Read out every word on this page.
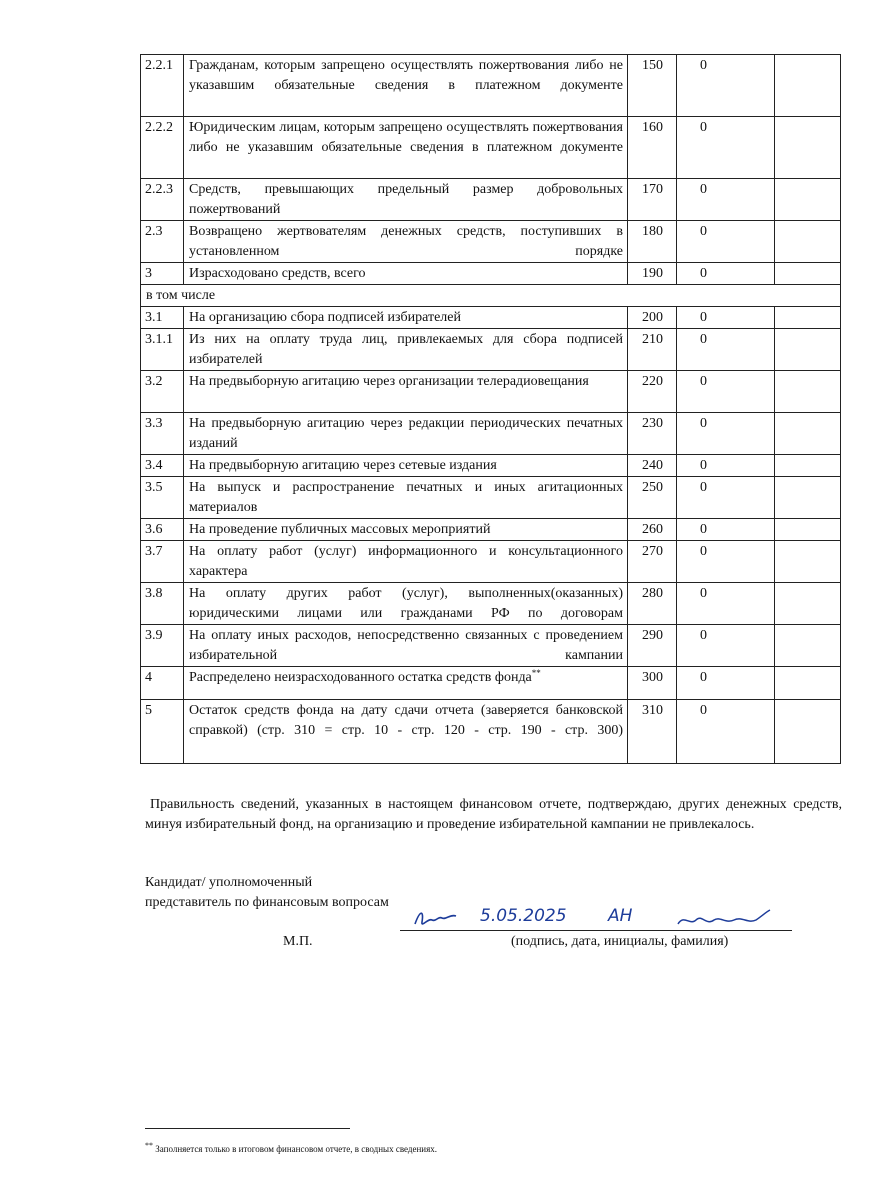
2.2.1	Гражданам, которым запрещено осуществлять пожертвования либо не указавшим обязательные сведения в платежном документе	150	0	
2.2.2	Юридическим лицам, которым запрещено осуществлять пожертвования либо не указавшим обязательные сведения в платежном документе	160	0	
2.2.3	Средств, превышающих предельный размер добровольных пожертвований	170	0	
2.3	Возвращено жертвователям денежных средств, поступивших в установленном порядке	180	0	
3	Израсходовано средств, всего	190	0	
в том числе				
3.1	На организацию сбора подписей избирателей	200	0	
3.1.1	Из них на оплату труда лиц, привлекаемых для сбора подписей избирателей	210	0	
3.2	На предвыборную агитацию через организации телерадиовещания	220	0	
3.3	На предвыборную агитацию через редакции периодических печатных изданий	230	0	
3.4	На предвыборную агитацию через сетевые издания	240	0	
3.5	На выпуск и распространение печатных и иных агитационных материалов	250	0	
3.6	На проведение публичных массовых мероприятий	260	0	
3.7	На оплату работ (услуг) информационного и консультационного характера	270	0	
3.8	На оплату других работ (услуг), выполненных(оказанных) юридическими лицами или гражданами РФ по договорам	280	0	
3.9	На оплату иных расходов, непосредственно связанных с проведением избирательной кампании	290	0	
4	Распределено неизрасходованного остатка средств фонда**	300	0	
5	Остаток средств фонда на дату сдачи отчета (заверяется банковской справкой) (стр. 310 = стр. 10 - стр. 120 - стр. 190 - стр. 300)	310	0	

Правильность сведений, указанных в настоящем финансовом отчете, подтверждаю, других денежных средств, минуя избирательный фонд, на организацию и проведение избирательной кампании не привлекалось.

Кандидат/ уполномоченный
представитель по финансовым вопросам
5.05.2025 АН
М.П.	(подпись, дата, инициалы, фамилия)
** Заполняется только в итоговом финансовом отчете, в сводных сведениях.
